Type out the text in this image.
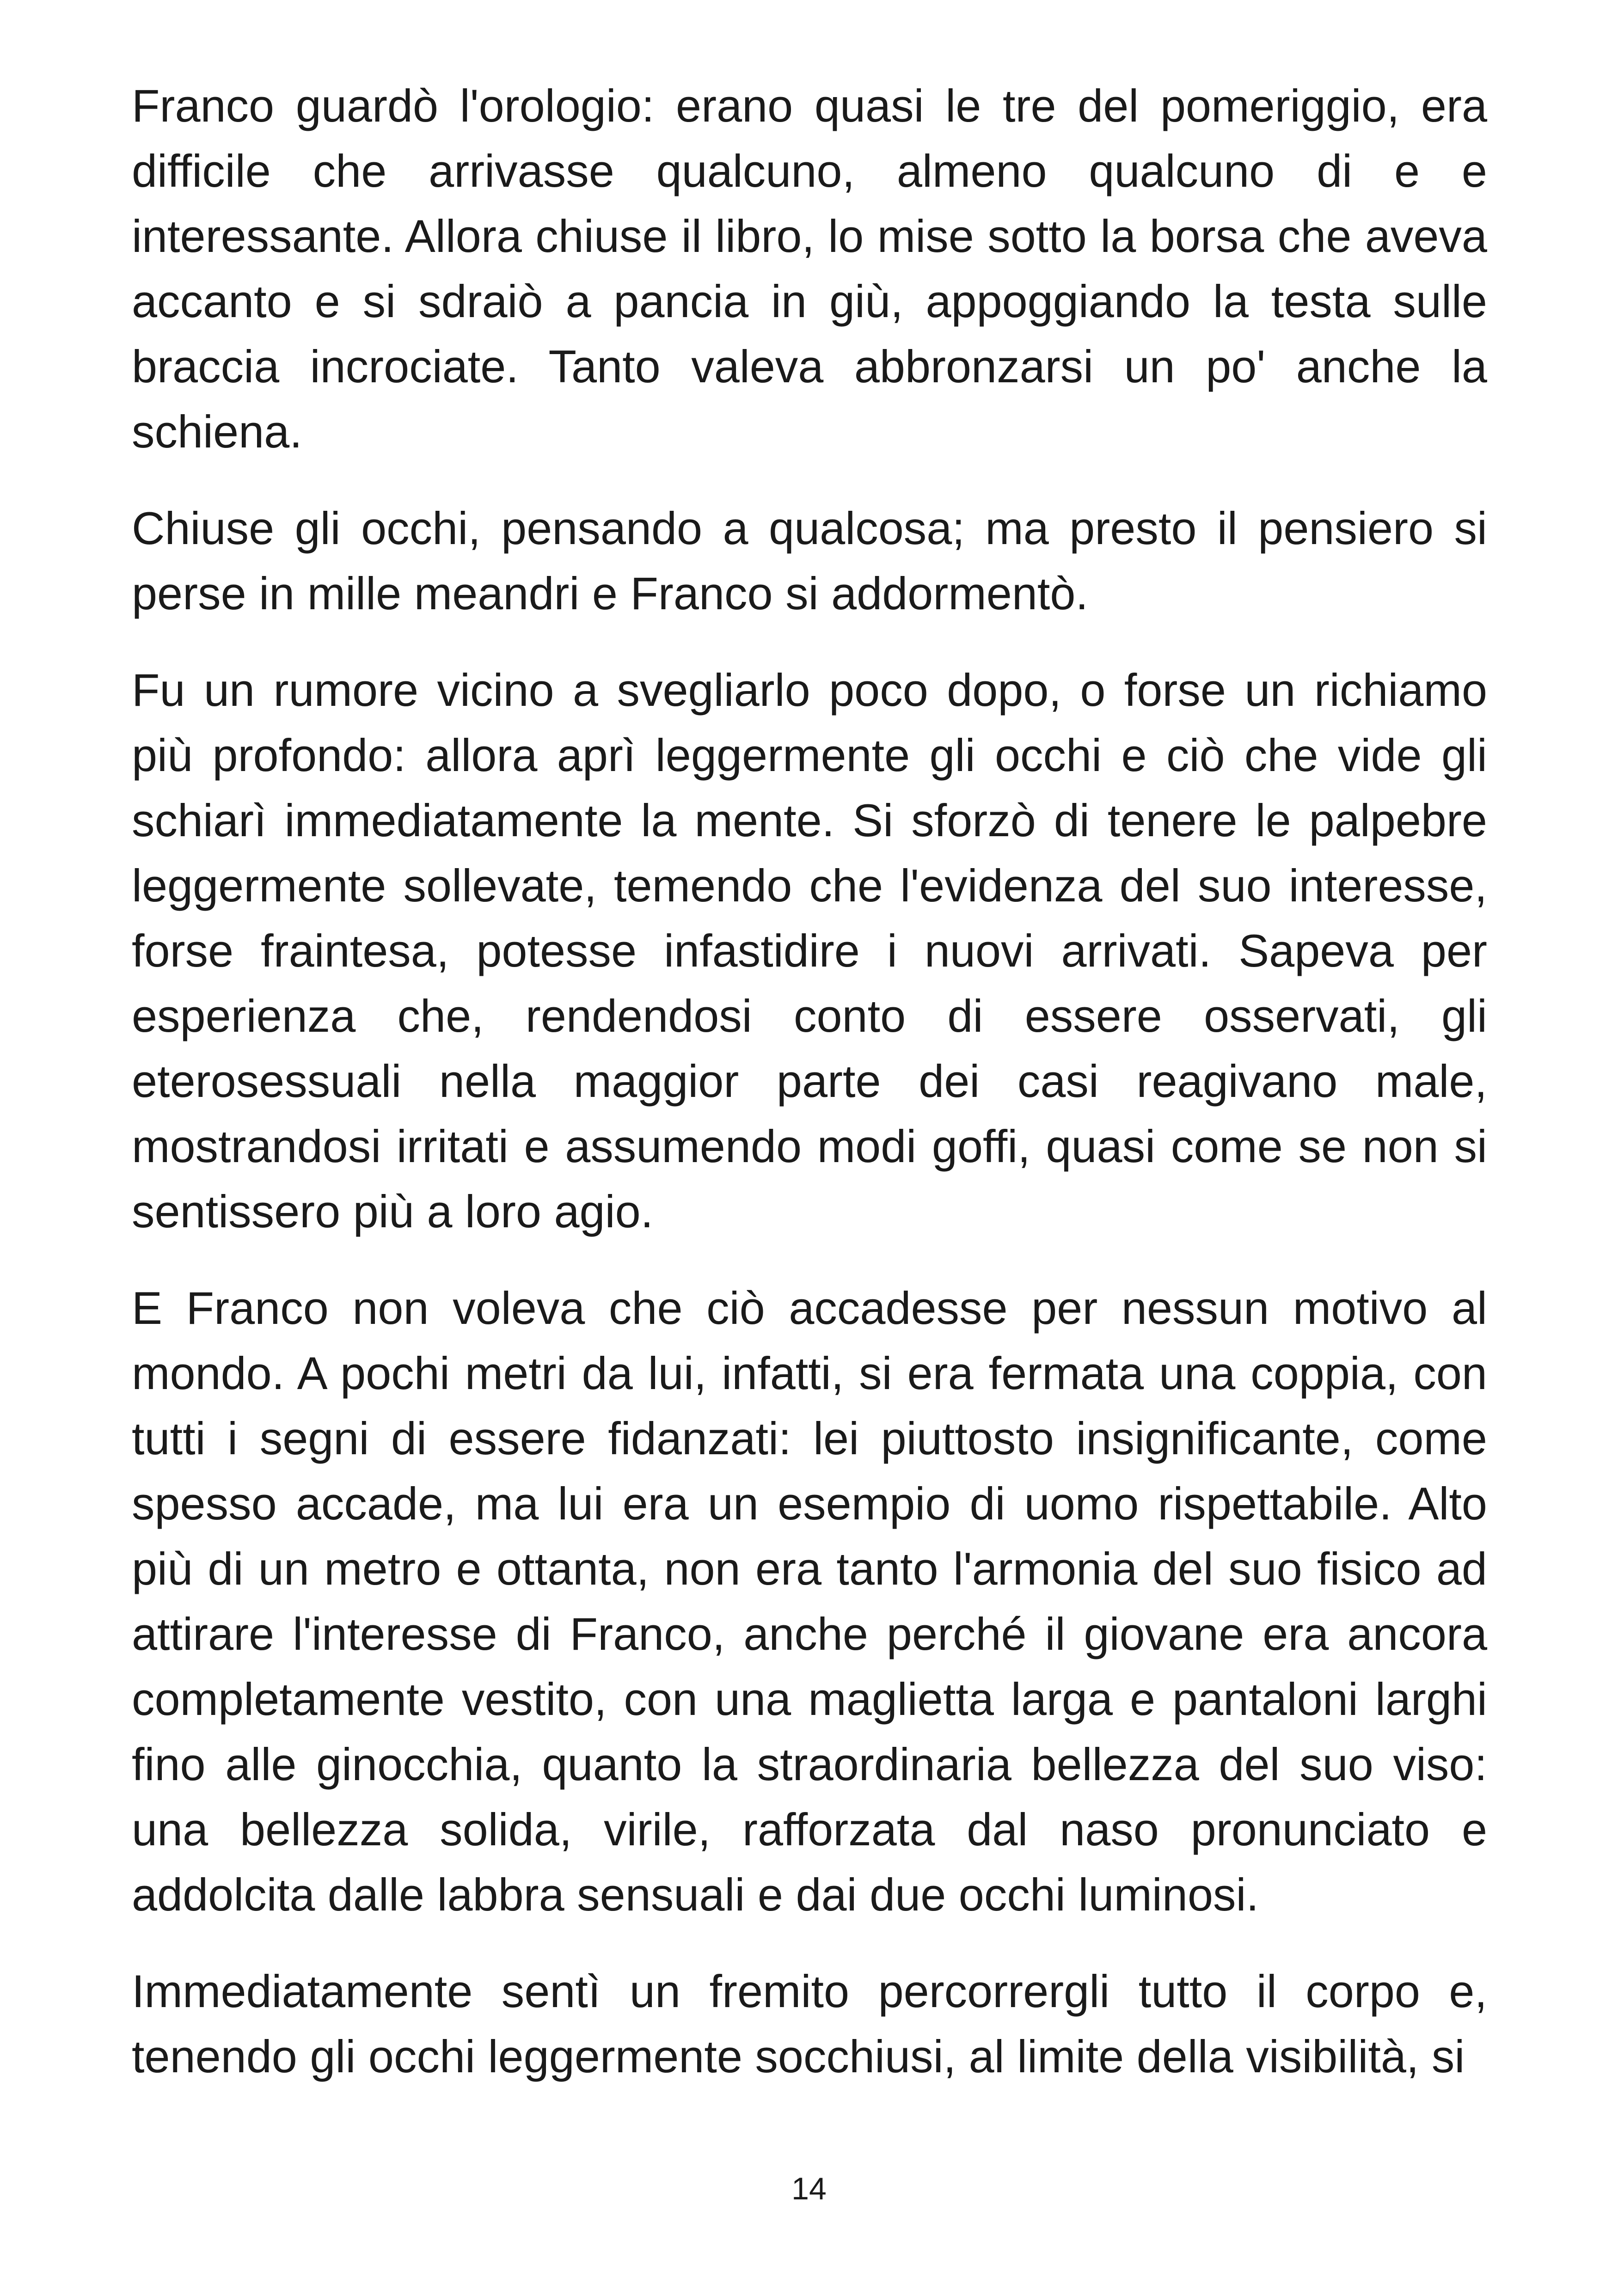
Franco guardò l'orologio: erano quasi le tre del pomeriggio, era difficile che arrivasse qualcuno, almeno qualcuno di e e interessante. Allora chiuse il libro, lo mise sotto la borsa che aveva accanto e si sdraiò a pancia in giù, appoggiando la testa sulle braccia incrociate. Tanto valeva abbronzarsi un po' anche la schiena.

Chiuse gli occhi, pensando a qualcosa; ma presto il pensiero si perse in mille meandri e Franco si addormentò.

Fu un rumore vicino a svegliarlo poco dopo, o forse un richiamo più profondo: allora aprì leggermente gli occhi e ciò che vide gli schiarì immediatamente la mente. Si sforzò di tenere le palpebre leggermente sollevate, temendo che l'evidenza del suo interesse, forse fraintesa, potesse infastidire i nuovi arrivati. Sapeva per esperienza che, rendendosi conto di essere osservati, gli eterosessuali nella maggior parte dei casi reagivano male, mostrandosi irritati e assumendo modi goffi, quasi come se non si sentissero più a loro agio.

E Franco non voleva che ciò accadesse per nessun motivo al mondo. A pochi metri da lui, infatti, si era fermata una coppia, con tutti i segni di essere fidanzati: lei piuttosto insignificante, come spesso accade, ma lui era un esempio di uomo rispettabile. Alto più di un metro e ottanta, non era tanto l'armonia del suo fisico ad attirare l'interesse di Franco, anche perché il giovane era ancora completamente vestito, con una maglietta larga e pantaloni larghi fino alle ginocchia, quanto la straordinaria bellezza del suo viso: una bellezza solida, virile, rafforzata dal naso pronunciato e addolcita dalle labbra sensuali e dai due occhi luminosi.

Immediatamente sentì un fremito percorrergli tutto il corpo e, tenendo gli occhi leggermente socchiusi, al limite della visibilità, si

14
